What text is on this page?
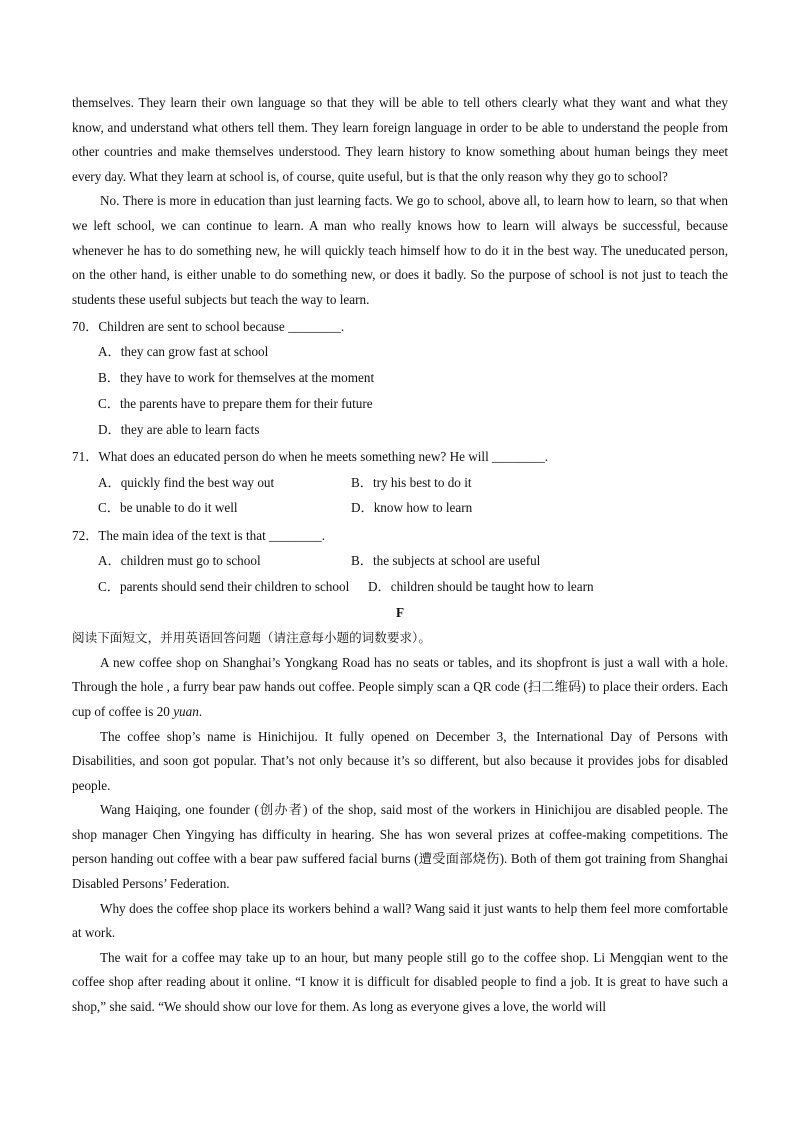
themselves. They learn their own language so that they will be able to tell others clearly what they want and what they know, and understand what others tell them. They learn foreign language in order to be able to understand the people from other countries and make themselves understood. They learn history to know something about human beings they meet every day. What they learn at school is, of course, quite useful, but is that the only reason why they go to school?

No. There is more in education than just learning facts. We go to school, above all, to learn how to learn, so that when we left school, we can continue to learn. A man who really knows how to learn will always be successful, because whenever he has to do something new, he will quickly teach himself how to do it in the best way. The uneducated person, on the other hand, is either unable to do something new, or does it badly. So the purpose of school is not just to teach the students these useful subjects but teach the way to learn.

70．Children are sent to school because ________.

A．they can grow fast at school

B．they have to work for themselves at the moment

C．the parents have to prepare them for their future

D．they are able to learn facts

71．What does an educated person do when he meets something new? He will ________.

A．quickly find the best way out	B．try his best to do it
C．be unable to do it well	D．know how to learn

72．The main idea of the text is that ________.

A．children must go to school	B．the subjects at school are useful
C．parents should send their children to school	D．children should be taught how to learn

F

阅读下面短文，并用英语回答问题（请注意每小题的词数要求）。

A new coffee shop on Shanghai’s Yongkang Road has no seats or tables, and its shopfront is just a wall with a hole. Through the hole , a furry bear paw hands out coffee. People simply scan a QR code (扫二维码) to place their orders. Each cup of coffee is 20 yuan.

The coffee shop’s name is Hinichijou. It fully opened on December 3, the International Day of Persons with Disabilities, and soon got popular. That’s not only because it’s so different, but also because it provides jobs for disabled people.

Wang Haiqing, one founder (创办者) of the shop, said most of the workers in Hinichijou are disabled people. The shop manager Chen Yingying has difficulty in hearing. She has won several prizes at coffee-making competitions. The person handing out coffee with a bear paw suffered facial burns (遭受面部烧伤). Both of them got training from Shanghai Disabled Persons’ Federation.

Why does the coffee shop place its workers behind a wall? Wang said it just wants to help them feel more comfortable at work.

The wait for a coffee may take up to an hour, but many people still go to the coffee shop. Li Mengqian went to the coffee shop after reading about it online. “I know it is difficult for disabled people to find a job. It is great to have such a shop,” she said. “We should show our love for them. As long as everyone gives a love, the world will
